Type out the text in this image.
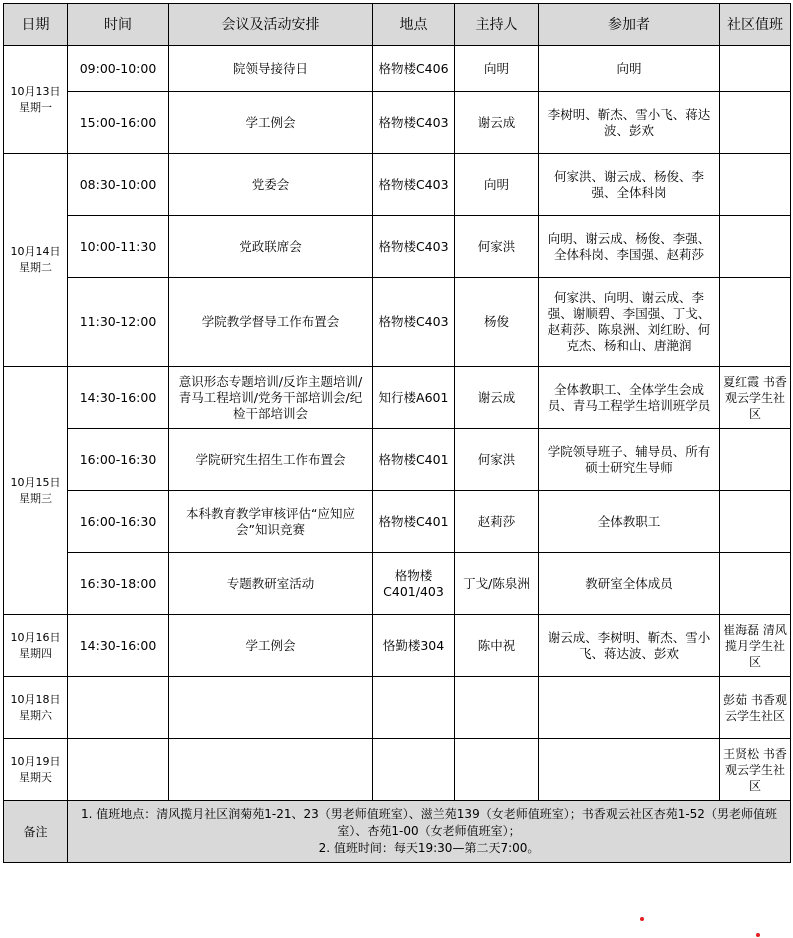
日期	时间	会议及活动安排	地点	主持人	参加者	社区值班

10月13日
星期一	09:00-10:00	院领导接待日	格物楼C406	向明	向明	
	15:00-16:00	学工例会	格物楼C403	谢云成	李树明、靳杰、雪小飞、蒋达波、彭欢	

10月14日
星期二	08:30-10:00	党委会	格物楼C403	向明	何家洪、谢云成、杨俊、李强、全体科岗	
	10:00-11:30	党政联席会	格物楼C403	何家洪	向明、谢云成、杨俊、李强、全体科岗、李国强、赵莉莎	
	11:30-12:00	学院教学督导工作布置会	格物楼C403	杨俊	何家洪、向明、谢云成、李强、谢顺碧、李国强、丁戈、赵莉莎、陈泉洲、刘红盼、何克杰、杨和山、唐滟润	

10月15日
星期三	14:30-16:00	意识形态专题培训/反诈主题培训/青马工程培训/党务干部培训会/纪检干部培训会	知行楼A601	谢云成	全体教职工、全体学生会成员、青马工程学生培训班学员	夏红霞 书香观云学生社区
	16:00-16:30	学院研究生招生工作布置会	格物楼C401	何家洪	学院领导班子、辅导员、所有硕士研究生导师	
	16:00-16:30	本科教育教学审核评估“应知应会”知识竞赛	格物楼C401	赵莉莎	全体教职工	
	16:30-18:00	专题教研室活动	格物楼C401/403	丁戈/陈泉洲	教研室全体成员	

10月16日
星期四	14:30-16:00	学工例会	恪勤楼304	陈中祝	谢云成、李树明、靳杰、雪小飞、蒋达波、彭欢	崔海磊 清风揽月学生社区

10月18日
星期六						彭茹 书香观云学生社区

10月19日
星期天						王贤松 书香观云学生社区
备注	1. 值班地点：清风揽月社区润菊苑1-21、23（男老师值班室）、滋兰苑139（女老师值班室）；书香观云社区杏苑1-52（男老师值班室）、杏苑1-00（女老师值班室）；
2. 值班时间：每天19:30—第二天7:00。					
